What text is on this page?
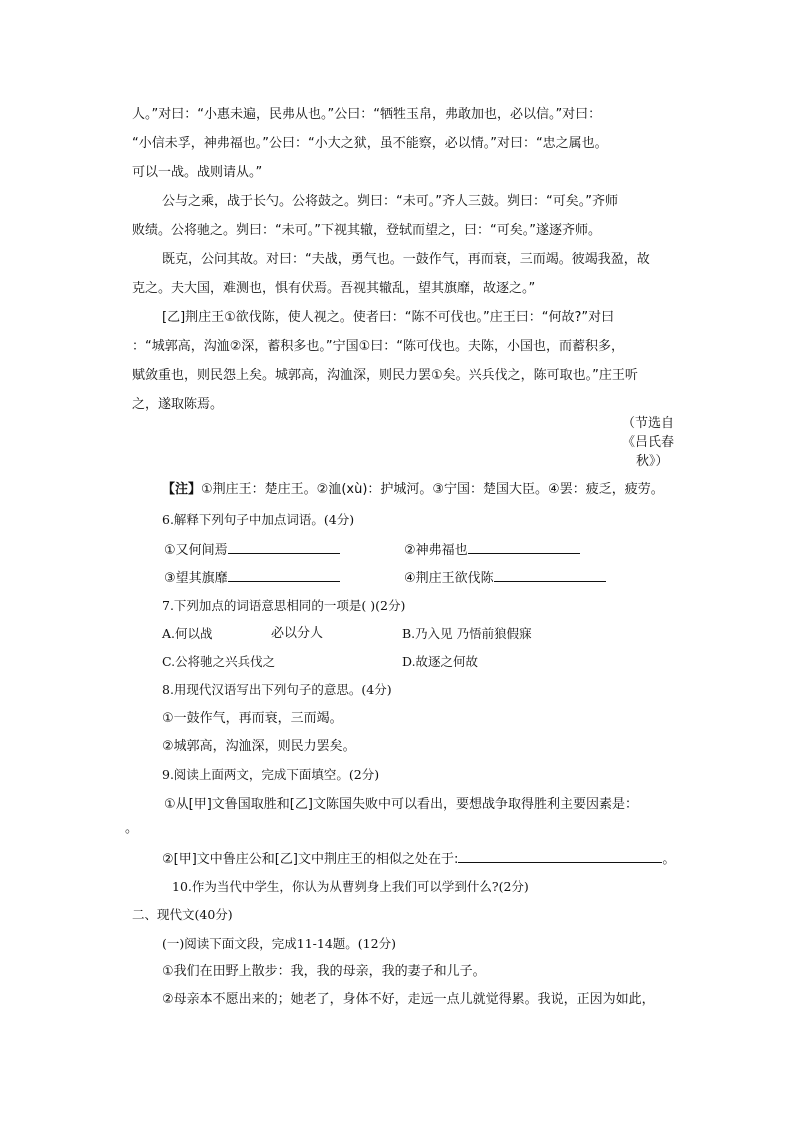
人。”对曰：“小惠未遍，民弗从也。”公曰：“牺牲玉帛，弗敢加也，必以信。”对曰：
“小信未孚，神弗福也。”公曰：“小大之狱，虽不能察，必以情。”对曰：“忠之属也。
可以一战。战则请从。”
公与之乘，战于长勺。公将鼓之。刿曰：“未可。”齐人三鼓。刿曰：“可矣。”齐师
败绩。公将驰之。刿曰：“未可。”下视其辙，登轼而望之，曰：“可矣。”遂逐齐师。
既克，公问其故。对曰：“夫战，勇气也。一鼓作气，再而衰，三而竭。彼竭我盈，故
克之。夫大国，难测也，惧有伏焉。吾视其辙乱，望其旗靡，故逐之。”
[乙]荆庄王①欲伐陈，使人视之。使者曰：“陈不可伐也。”庄王曰：“何故?”对曰
：“城郭高，沟洫②深，蓄积多也。”宁国①曰：“陈可伐也。夫陈，小国也，而蓄积多，
赋敛重也，则民怨上矣。城郭高，沟洫深，则民力罢①矣。兴兵伐之，陈可取也。”庄王听
之，遂取陈焉。
（节选自
《吕氏春
秋》）
【注】①荆庄王：楚庄王。②洫(xù)：护城河。③宁国：楚国大臣。④罢：疲乏，疲劳。
6.解释下列句子中加点词语。(4分)
①又何间焉	②神弗福也
③望其旗靡	④荆庄王欲伐陈
7.下列加点的词语意思相同的一项是( )(2分)
A.何以战	必以分人	B.乃入见 乃悟前狼假寐
C.公将驰之兴兵伐之	D.故逐之何故
8.用现代汉语写出下列句子的意思。(4分)
①一鼓作气，再而衰，三而竭。
②城郭高，沟洫深，则民力罢矣。
9.阅读上面两文，完成下面填空。(2分)
①从[甲]文鲁国取胜和[乙]文陈国失败中可以看出，要想战争取得胜利主要因素是：
。
②[甲]文中鲁庄公和[乙]文中荆庄王的相似之处在于:	。
10.作为当代中学生，你认为从曹刿身上我们可以学到什么?(2分)
二、现代文(40分)
(一)阅读下面文段，完成11-14题。(12分)
①我们在田野上散步：我，我的母亲，我的妻子和儿子。
②母亲本不愿出来的；她老了，身体不好，走远一点儿就觉得累。我说，正因为如此，
